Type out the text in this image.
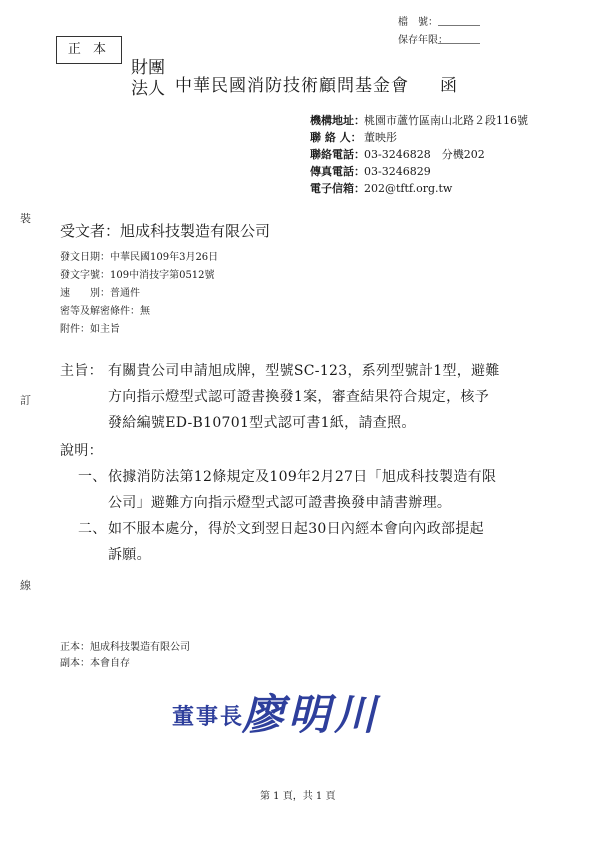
檔　號：
保存年限：
正 本
財團法人 中華民國消防技術顧問基金會 函
機構地址：桃園市蘆竹區南山北路２段116號
聯 絡 人： 董映彤
聯絡電話：03-3246828　分機202
傳真電話：03-3246829
電子信箱：202@tftf.org.tw
裝
訂
線
受文者：旭成科技製造有限公司
發文日期：中華民國109年3月26日
發文字號：109中消技字第0512號
速　　別：普通件
密等及解密條件：無
附件：如主旨
主旨： 有關貴公司申請旭成牌，型號SC-123，系列型號計1型，避難
方向指示燈型式認可證書換發1案，審查結果符合規定，核予
發給編號ED-B10701型式認可書1紙，請查照。
說明：
一、 依據消防法第12條規定及109年2月27日「旭成科技製造有限
公司」避難方向指示燈型式認可證書換發申請書辦理。
二、 如不服本處分，得於文到翌日起30日內經本會向內政部提起
訴願。
正本：旭成科技製造有限公司
副本：本會自存
董事長
廖明川
第 1 頁，共 1 頁
